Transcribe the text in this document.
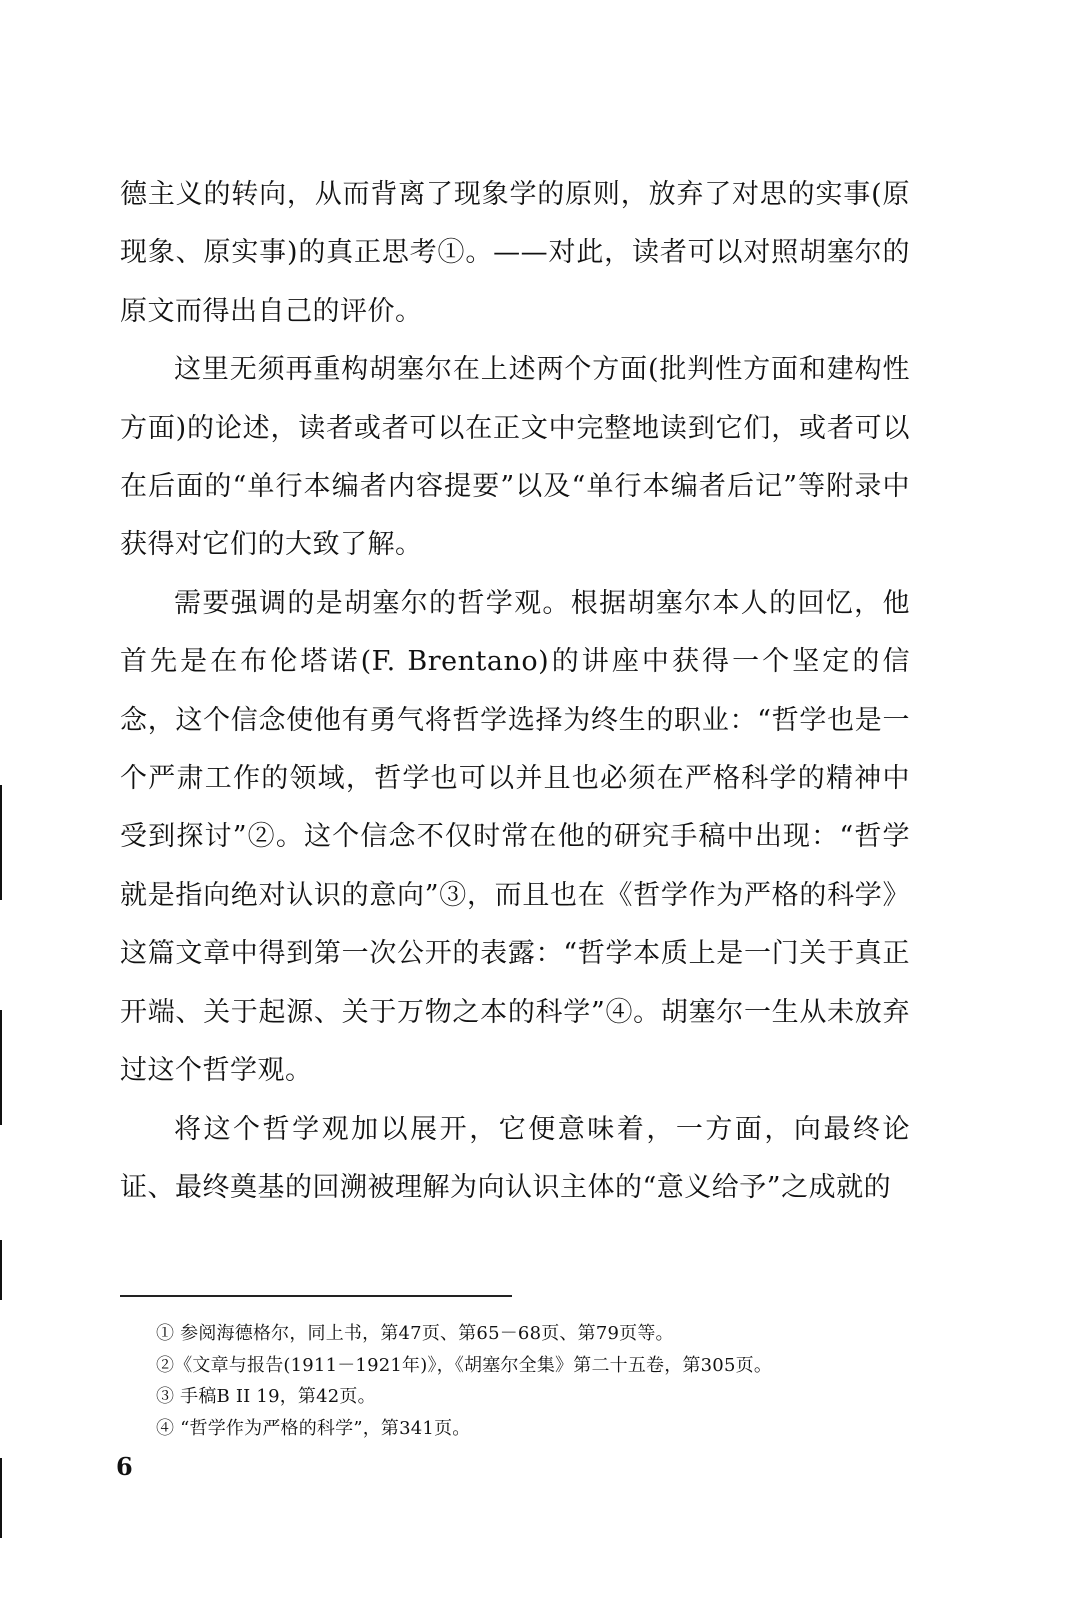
德主义的转向，从而背离了现象学的原则，放弃了对思的实事(原现象、原实事)的真正思考①。——对此，读者可以对照胡塞尔的原文而得出自己的评价。

这里无须再重构胡塞尔在上述两个方面(批判性方面和建构性方面)的论述，读者或者可以在正文中完整地读到它们，或者可以在后面的“单行本编者内容提要”以及“单行本编者后记”等附录中获得对它们的大致了解。

需要强调的是胡塞尔的哲学观。根据胡塞尔本人的回忆，他首先是在布伦塔诺(F. Brentano)的讲座中获得一个坚定的信念，这个信念使他有勇气将哲学选择为终生的职业：“哲学也是一个严肃工作的领域，哲学也可以并且也必须在严格科学的精神中受到探讨”②。这个信念不仅时常在他的研究手稿中出现：“哲学就是指向绝对认识的意向”③，而且也在《哲学作为严格的科学》这篇文章中得到第一次公开的表露：“哲学本质上是一门关于真正开端、关于起源、关于万物之本的科学”④。胡塞尔一生从未放弃过这个哲学观。

将这个哲学观加以展开，它便意味着，一方面，向最终论证、最终奠基的回溯被理解为向认识主体的“意义给予”之成就的

① 参阅海德格尔，同上书，第47页、第65－68页、第79页等。
②《文章与报告(1911－1921年)》，《胡塞尔全集》第二十五卷，第305页。
③ 手稿B II 19，第42页。
④ “哲学作为严格的科学”，第341页。
6
